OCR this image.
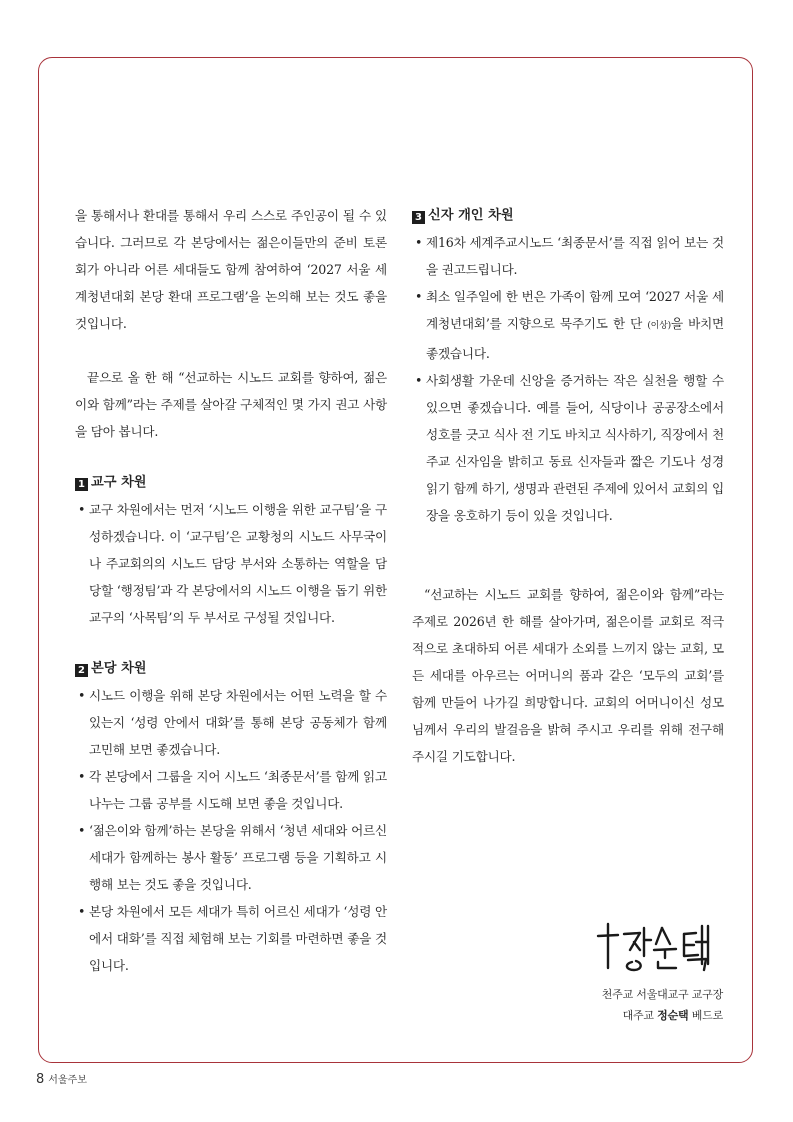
을 통해서나 환대를 통해서 우리 스스로 주인공이 될 수 있습니다. 그러므로 각 본당에서는 젊은이들만의 준비 토론회가 아니라 어른 세대들도 함께 참여하여 ‘2027 서울 세계청년대회 본당 환대 프로그램’을 논의해 보는 것도 좋을 것입니다.

끝으로 올 한 해 “선교하는 시노드 교회를 향하여, 젊은이와 함께”라는 주제를 살아갈 구체적인 몇 가지 권고 사항을 담아 봅니다.

1 교구 차원
• 교구 차원에서는 먼저 ‘시노드 이행을 위한 교구팀’을 구성하겠습니다. 이 ‘교구팀’은 교황청의 시노드 사무국이나 주교회의의 시노드 담당 부서와 소통하는 역할을 담당할 ‘행정팀’과 각 본당에서의 시노드 이행을 돕기 위한 교구의 ‘사목팀’의 두 부서로 구성될 것입니다.
2 본당 차원
• 시노드 이행을 위해 본당 차원에서는 어떤 노력을 할 수 있는지 ‘성령 안에서 대화’를 통해 본당 공동체가 함께 고민해 보면 좋겠습니다.
• 각 본당에서 그룹을 지어 시노드 ‘최종문서’를 함께 읽고 나누는 그룹 공부를 시도해 보면 좋을 것입니다.
• ‘젊은이와 함께’하는 본당을 위해서 ‘청년 세대와 어르신 세대가 함께하는 봉사 활동’ 프로그램 등을 기획하고 시행해 보는 것도 좋을 것입니다.
• 본당 차원에서 모든 세대가 특히 어르신 세대가 ‘성령 안에서 대화’를 직접 체험해 보는 기회를 마련하면 좋을 것입니다.
3 신자 개인 차원
• 제16차 세계주교시노드 ‘최종문서’를 직접 읽어 보는 것을 권고드립니다.
• 최소 일주일에 한 번은 가족이 함께 모여 ‘2027 서울 세계청년대회’를 지향으로 묵주기도 한 단 (이상)을 바치면 좋겠습니다.
• 사회생활 가운데 신앙을 증거하는 작은 실천을 행할 수 있으면 좋겠습니다. 예를 들어, 식당이나 공공장소에서 성호를 긋고 식사 전 기도 바치고 식사하기, 직장에서 천주교 신자임을 밝히고 동료 신자들과 짧은 기도나 성경 읽기 함께 하기, 생명과 관련된 주제에 있어서 교회의 입장을 옹호하기 등이 있을 것입니다.

“선교하는 시노드 교회를 향하여, 젊은이와 함께”라는 주제로 2026년 한 해를 살아가며, 젊은이를 교회로 적극적으로 초대하되 어른 세대가 소외를 느끼지 않는 교회, 모든 세대를 아우르는 어머니의 품과 같은 ‘모두의 교회’를 함께 만들어 나가길 희망합니다. 교회의 어머니이신 성모님께서 우리의 발걸음을 밝혀 주시고 우리를 위해 전구해 주시길 기도합니다.

천주교 서울대교구 교구장
대주교 정순택 베드로
8 서울주보
